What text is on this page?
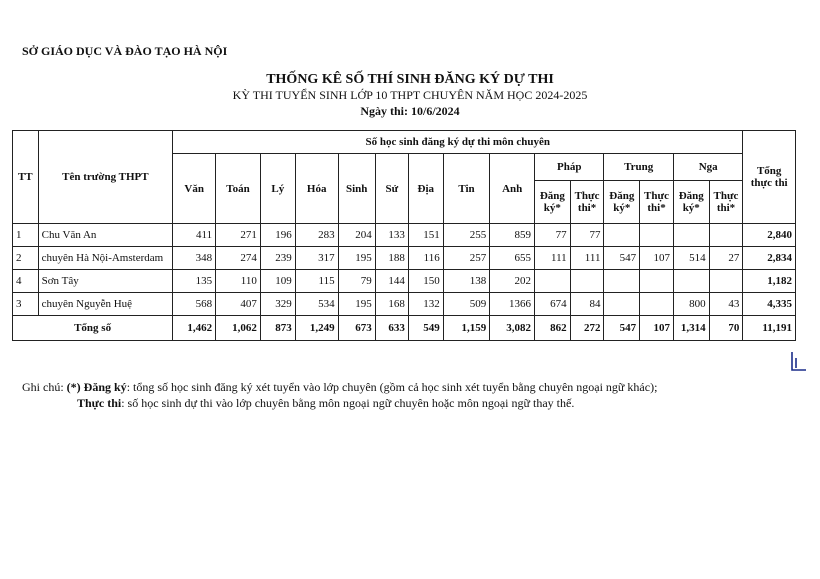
SỞ GIÁO DỤC VÀ ĐÀO TẠO HÀ NỘI
THỐNG KÊ SỐ THÍ SINH ĐĂNG KÝ DỰ THI
KỲ THI TUYỂN SINH LỚP 10 THPT CHUYÊN NĂM HỌC 2024-2025
Ngày thi: 10/6/2024
TT	Tên trường THPT	Số học sinh đăng ký dự thi môn chuyên															Tổng thực thi
		Văn	Toán	Lý	Hóa	Sinh	Sử	Địa	Tin	Anh	Pháp		Trung		Nga		
											Đăng ký*	Thực thi*	Đăng ký*	Thực thi*	Đăng ký*	Thực thi*	
1	Chu Văn An	411	271	196	283	204	133	151	255	859	77	77					2,840
2	chuyên Hà Nội-Amsterdam	348	274	239	317	195	188	116	257	655	111	111	547	107	514	27	2,834
4	Sơn Tây	135	110	109	115	79	144	150	138	202							1,182
3	chuyên Nguyễn Huệ	568	407	329	534	195	168	132	509	1366	674	84			800	43	4,335
Tổng số		1,462	1,062	873	1,249	673	633	549	1,159	3,082	862	272	547	107	1,314	70	11,191
Ghi chú: (*) Đăng ký: tổng số học sinh đăng ký xét tuyển vào lớp chuyên (gồm cả học sinh xét tuyển bằng chuyên ngoại ngữ khác);
Thực thi: số học sinh dự thi vào lớp chuyên bằng môn ngoại ngữ chuyên hoặc môn ngoại ngữ thay thế.
